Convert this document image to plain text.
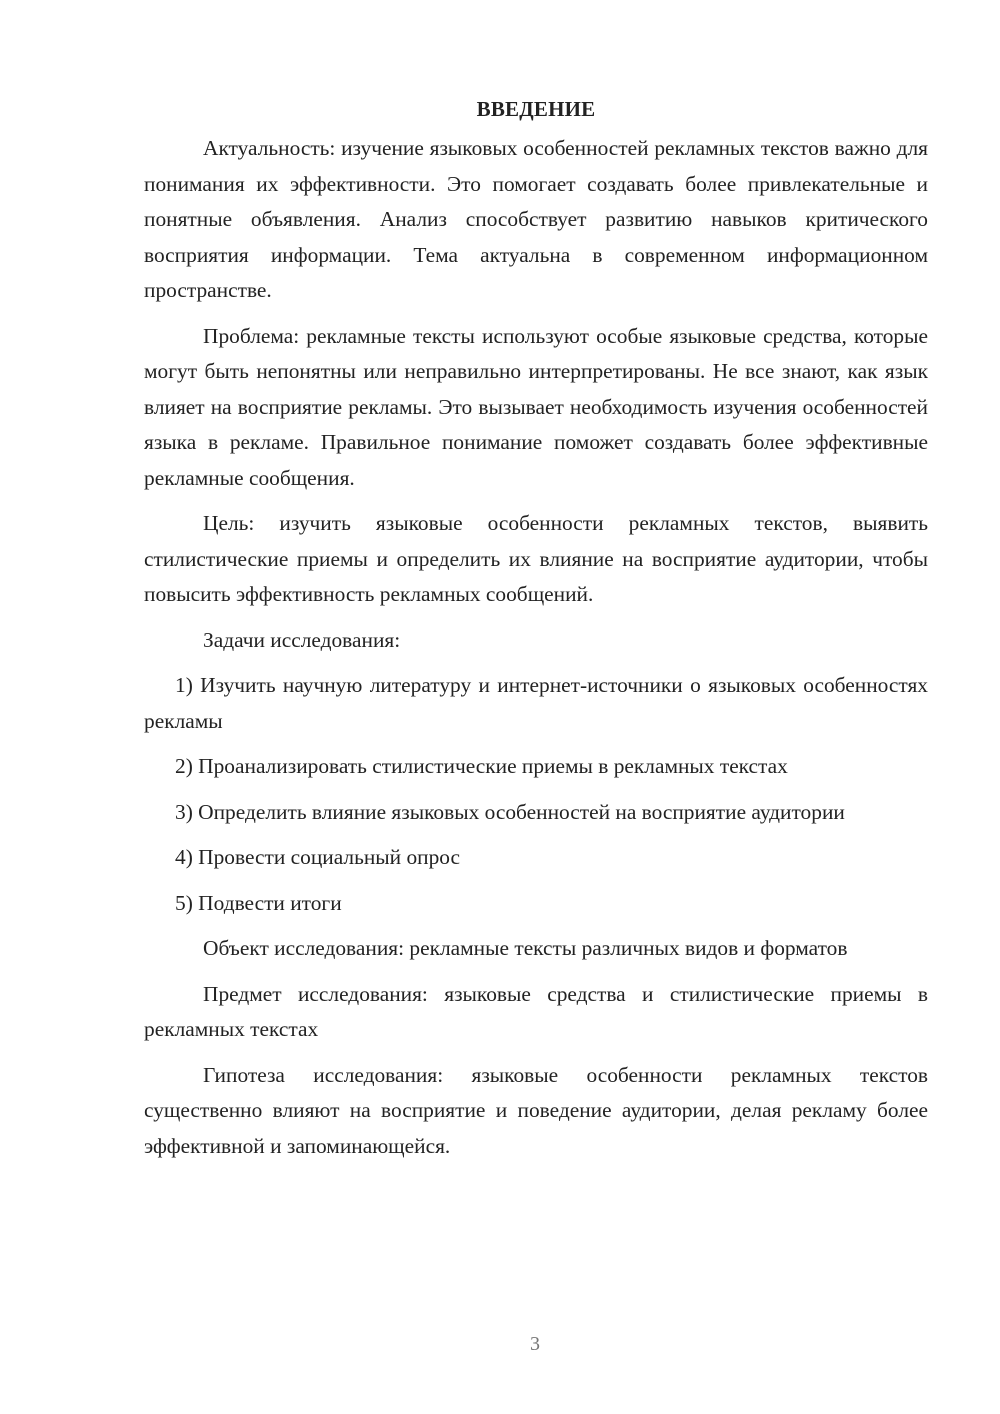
ВВЕДЕНИЕ

Актуальность: изучение языковых особенностей рекламных текстов важно для понимания их эффективности. Это помогает создавать более привлекательные и понятные объявления. Анализ способствует развитию навыков критического восприятия информации. Тема актуальна в современном информационном пространстве.

Проблема: рекламные тексты используют особые языковые средства, которые могут быть непонятны или неправильно интерпретированы. Не все знают, как язык влияет на восприятие рекламы. Это вызывает необходимость изучения особенностей языка в рекламе. Правильное понимание поможет создавать более эффективные рекламные сообщения.

Цель: изучить языковые особенности рекламных текстов, выявить стилистические приемы и определить их влияние на восприятие аудитории, чтобы повысить эффективность рекламных сообщений.

Задачи исследования:

1) Изучить научную литературу и интернет-источники о языковых особенностях рекламы

2) Проанализировать стилистические приемы в рекламных текстах

3) Определить влияние языковых особенностей на восприятие аудитории

4) Провести социальный опрос

5) Подвести итоги

Объект исследования: рекламные тексты различных видов и форматов

Предмет исследования: языковые средства и стилистические приемы в рекламных текстах

Гипотеза исследования: языковые особенности рекламных текстов существенно влияют на восприятие и поведение аудитории, делая рекламу более эффективной и запоминающейся.

3
